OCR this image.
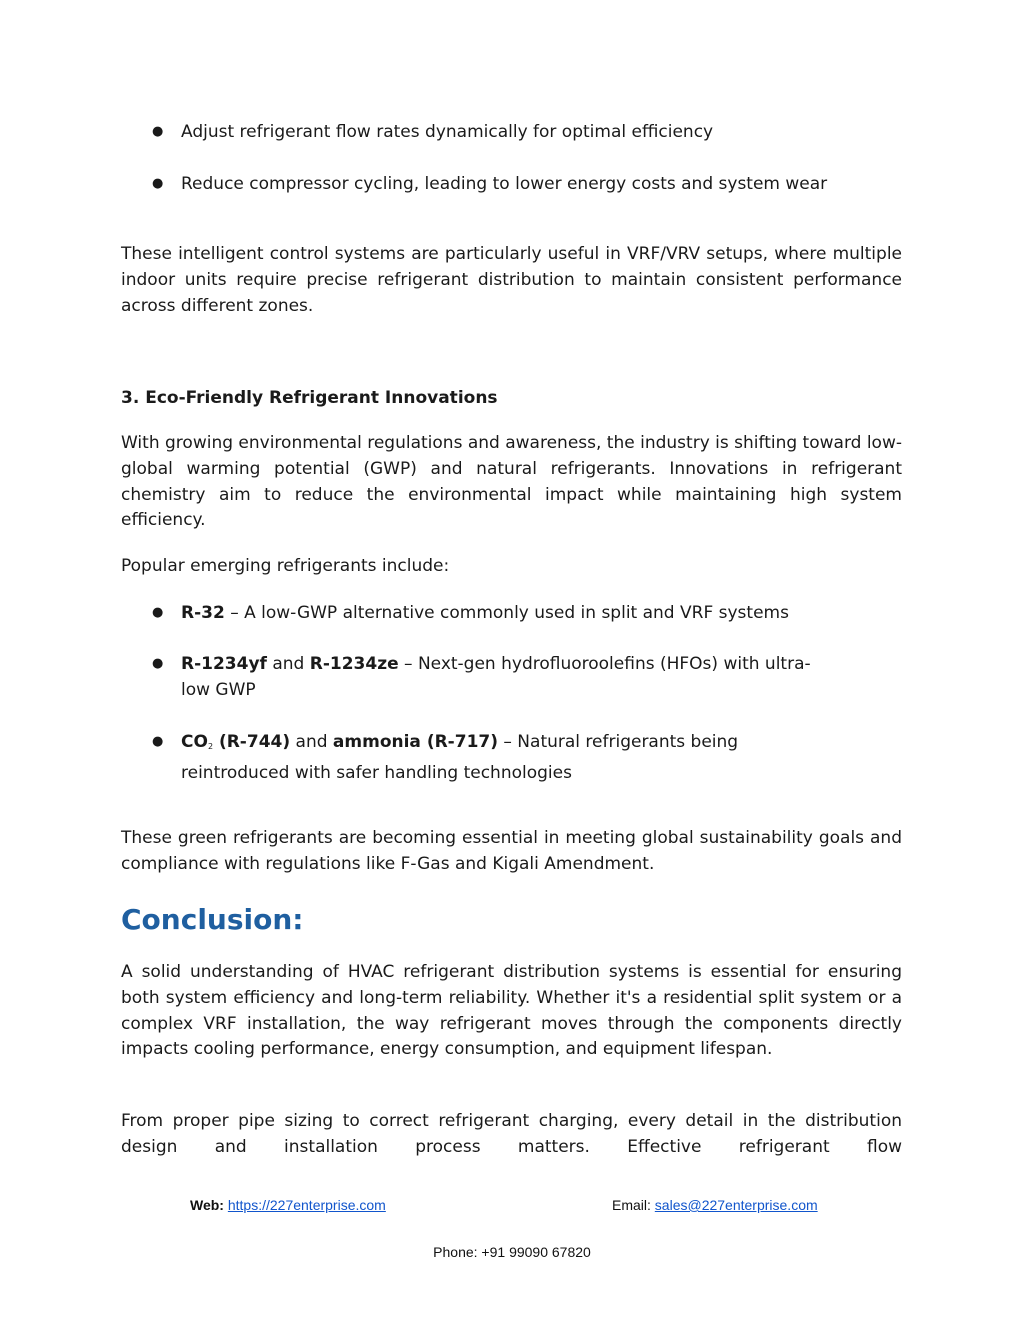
● Adjust refrigerant flow rates dynamically for optimal efficiency
● Reduce compressor cycling, leading to lower energy costs and system wear

These intelligent control systems are particularly useful in VRF/VRV setups, where multiple indoor units require precise refrigerant distribution to maintain consistent performance across different zones.

3. Eco-Friendly Refrigerant Innovations

With growing environmental regulations and awareness, the industry is shifting toward low-global warming potential (GWP) and natural refrigerants. Innovations in refrigerant chemistry aim to reduce the environmental impact while maintaining high system efficiency.

Popular emerging refrigerants include:

● R-32 – A low-GWP alternative commonly used in split and VRF systems
● R-1234yf and R-1234ze – Next-gen hydrofluoroolefins (HFOs) with ultra-low GWP
● $CO_2$ (R-744) and ammonia (R-717) – Natural refrigerants being reintroduced with safer handling technologies

These green refrigerants are becoming essential in meeting global sustainability goals and compliance with regulations like F-Gas and Kigali Amendment.

Conclusion:

A solid understanding of HVAC refrigerant distribution systems is essential for ensuring both system efficiency and long-term reliability. Whether it's a residential split system or a complex VRF installation, the way refrigerant moves through the components directly impacts cooling performance, energy consumption, and equipment lifespan.

From proper pipe sizing to correct refrigerant charging, every detail in the distribution design and installation process matters. Effective refrigerant flow

Web: https://227enterprise.com	Email: sales@227enterprise.com
Phone: +91 99090 67820
